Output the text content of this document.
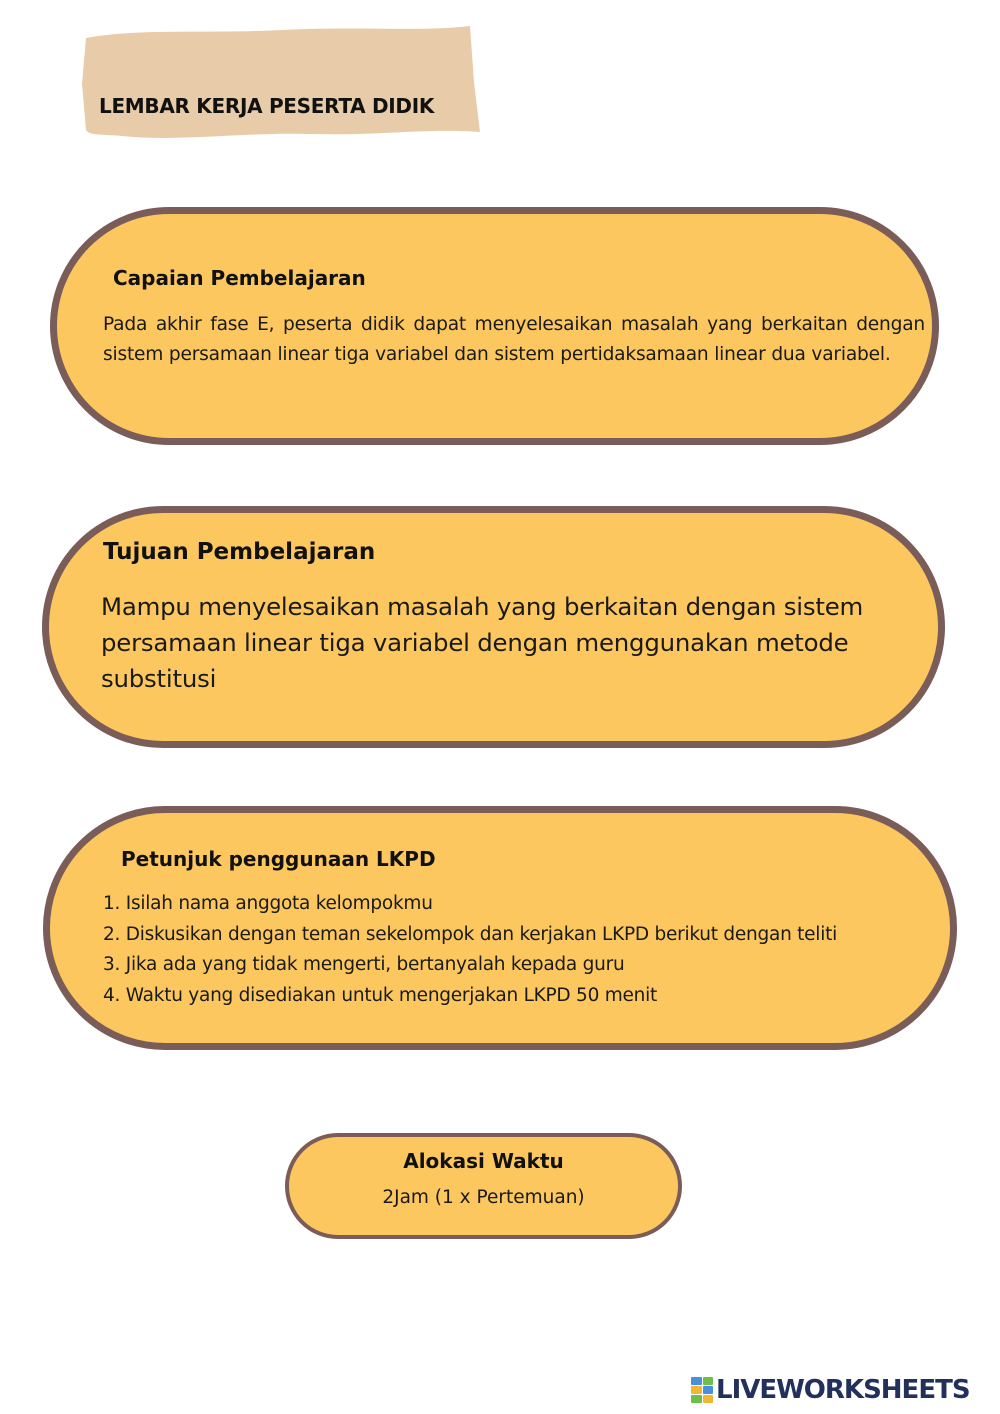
LEMBAR KERJA PESERTA DIDIK
Capaian Pembelajaran
Pada akhir fase E, peserta didik dapat menyelesaikan masalah yang berkaitan dengan sistem persamaan linear tiga variabel dan sistem pertidaksamaan linear dua variabel.
Tujuan Pembelajaran
Mampu menyelesaikan masalah yang berkaitan dengan sistem persamaan linear tiga variabel dengan menggunakan metode substitusi
Petunjuk penggunaan LKPD
1. Isilah nama anggota kelompokmu
2. Diskusikan dengan teman sekelompok dan kerjakan LKPD berikut dengan teliti
3. Jika ada yang tidak mengerti, bertanyalah kepada guru
4. Waktu yang disediakan untuk mengerjakan LKPD 50 menit
Alokasi Waktu
2Jam (1 x Pertemuan)
LIVEWORKSHEETS
